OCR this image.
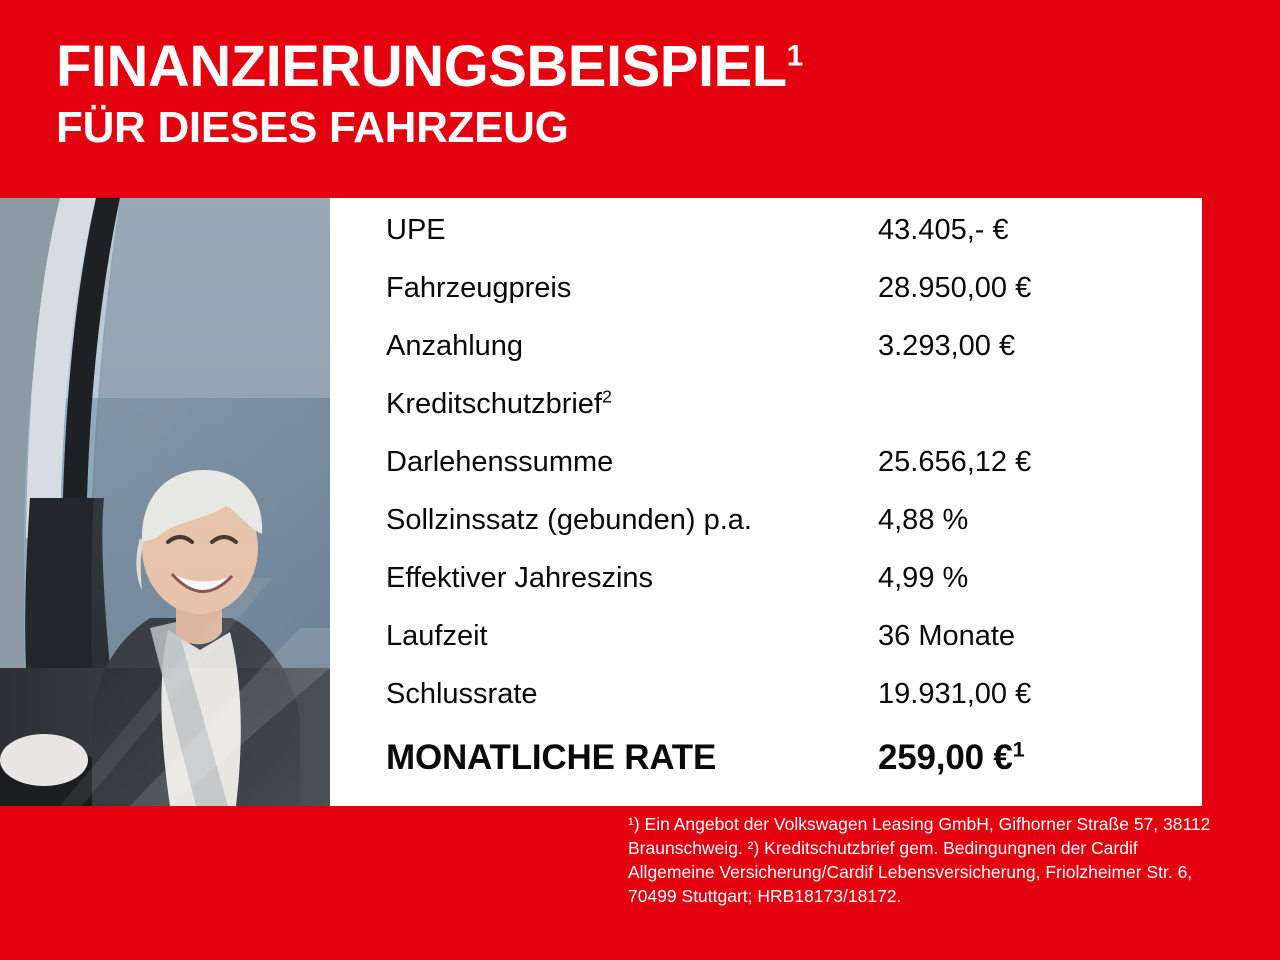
FINANZIERUNGSBEISPIEL$^1$
FÜR DIESES FAHRZEUG
UPE	43.405,- €
Fahrzeugpreis	28.950,00 €
Anzahlung	3.293,00 €
Kreditschutzbrief$^2$
Darlehenssumme	25.656,12 €
Sollzinssatz (gebunden) p.a.	4,88 %
Effektiver Jahreszins	4,99 %
Laufzeit	36 Monate
Schlussrate	19.931,00 €
MONATLICHE RATE	259,00 €$^1$
¹) Ein Angebot der Volkswagen Leasing GmbH, Gifhorner Straße 57, 38112 Braunschweig. ²) Kreditschutzbrief gem. Bedingungnen der Cardif Allgemeine Versicherung/Cardif Lebensversicherung, Friolzheimer Str. 6, 70499 Stuttgart; HRB18173/18172.
